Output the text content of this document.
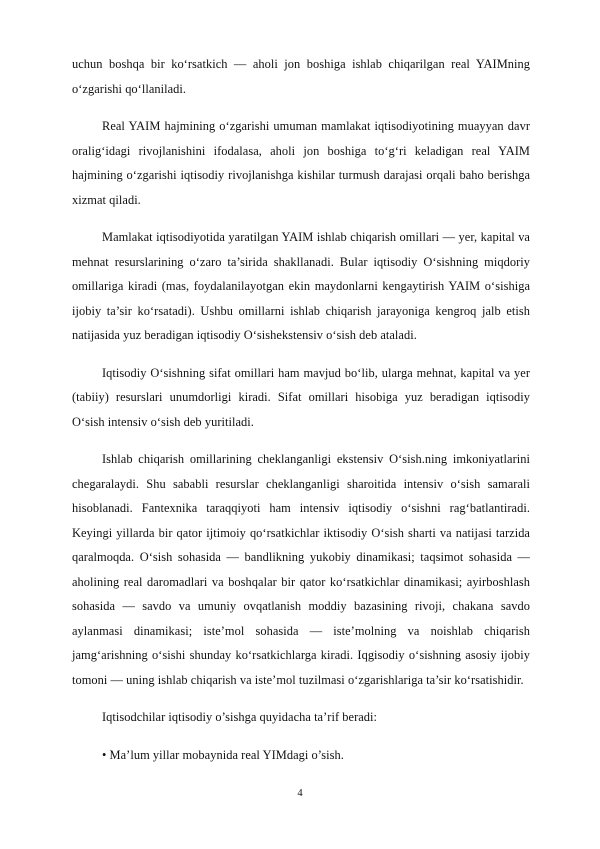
uchun boshqa bir ko‘rsatkich — aholi jon boshiga ishlab chiqarilgan real YAIMning o‘zgarishi qo‘llaniladi.

Real YAIM hajmining o‘zgarishi umuman mamlakat iqtisodiyotining muayyan davr oralig‘idagi rivojlanishini ifodalasa, aholi jon boshiga to‘g‘ri keladigan real YAIM hajmining o‘zgarishi iqtisodiy rivojlanishga kishilar turmush darajasi orqali baho berishga xizmat qiladi.

Mamlakat iqtisodiyotida yaratilgan YAIM ishlab chiqarish omillari — yer, kapital va mehnat resurslarining o‘zaro ta’sirida shakllanadi. Bular iqtisodiy O‘sishning miqdoriy omillariga kiradi (mas, foydalanilayotgan ekin maydonlarni kengaytirish YAIM o‘sishiga ijobiy ta’sir ko‘rsatadi). Ushbu omillarni ishlab chiqarish jarayoniga kengroq jalb etish natijasida yuz beradigan iqtisodiy O‘sishekstensiv o‘sish deb ataladi.

Iqtisodiy O‘sishning sifat omillari ham mavjud bo‘lib, ularga mehnat, kapital va yer (tabiiy) resurslari unumdorligi kiradi. Sifat omillari hisobiga yuz beradigan iqtisodiy O‘sish intensiv o‘sish deb yuritiladi.

Ishlab chiqarish omillarining cheklanganligi ekstensiv O‘sish.ning imkoniyatlarini chegaralaydi. Shu sababli resurslar cheklanganligi sharoitida intensiv o‘sish samarali hisoblanadi. Fantexnika taraqqiyoti ham intensiv iqtisodiy o‘sishni rag‘batlantiradi. Keyingi yillarda bir qator ijtimoiy qo‘rsatkichlar iktisodiy O‘sish sharti va natijasi tarzida qaralmoqda. O‘sish sohasida — bandlikning yukobiy dinamikasi; taqsimot sohasida — aholining real daromadlari va boshqalar bir qator ko‘rsatkichlar dinamikasi; ayirboshlash sohasida — savdo va umuniy ovqatlanish moddiy bazasining rivoji, chakana savdo aylanmasi dinamikasi; iste’mol sohasida — iste’molning va noishlab chiqarish jamg‘arishning o‘sishi shunday ko‘rsatkichlarga kiradi. Iqgisodiy o‘sishning asosiy ijobiy tomoni — uning ishlab chiqarish va iste’mol tuzilmasi o‘zgarishlariga ta’sir ko‘rsatishidir.

Iqtisodchilar iqtisodiy o’sishga quyidacha ta’rif beradi:

• Ma’lum yillar mobaynida real YIMdagi o’sish.

4
